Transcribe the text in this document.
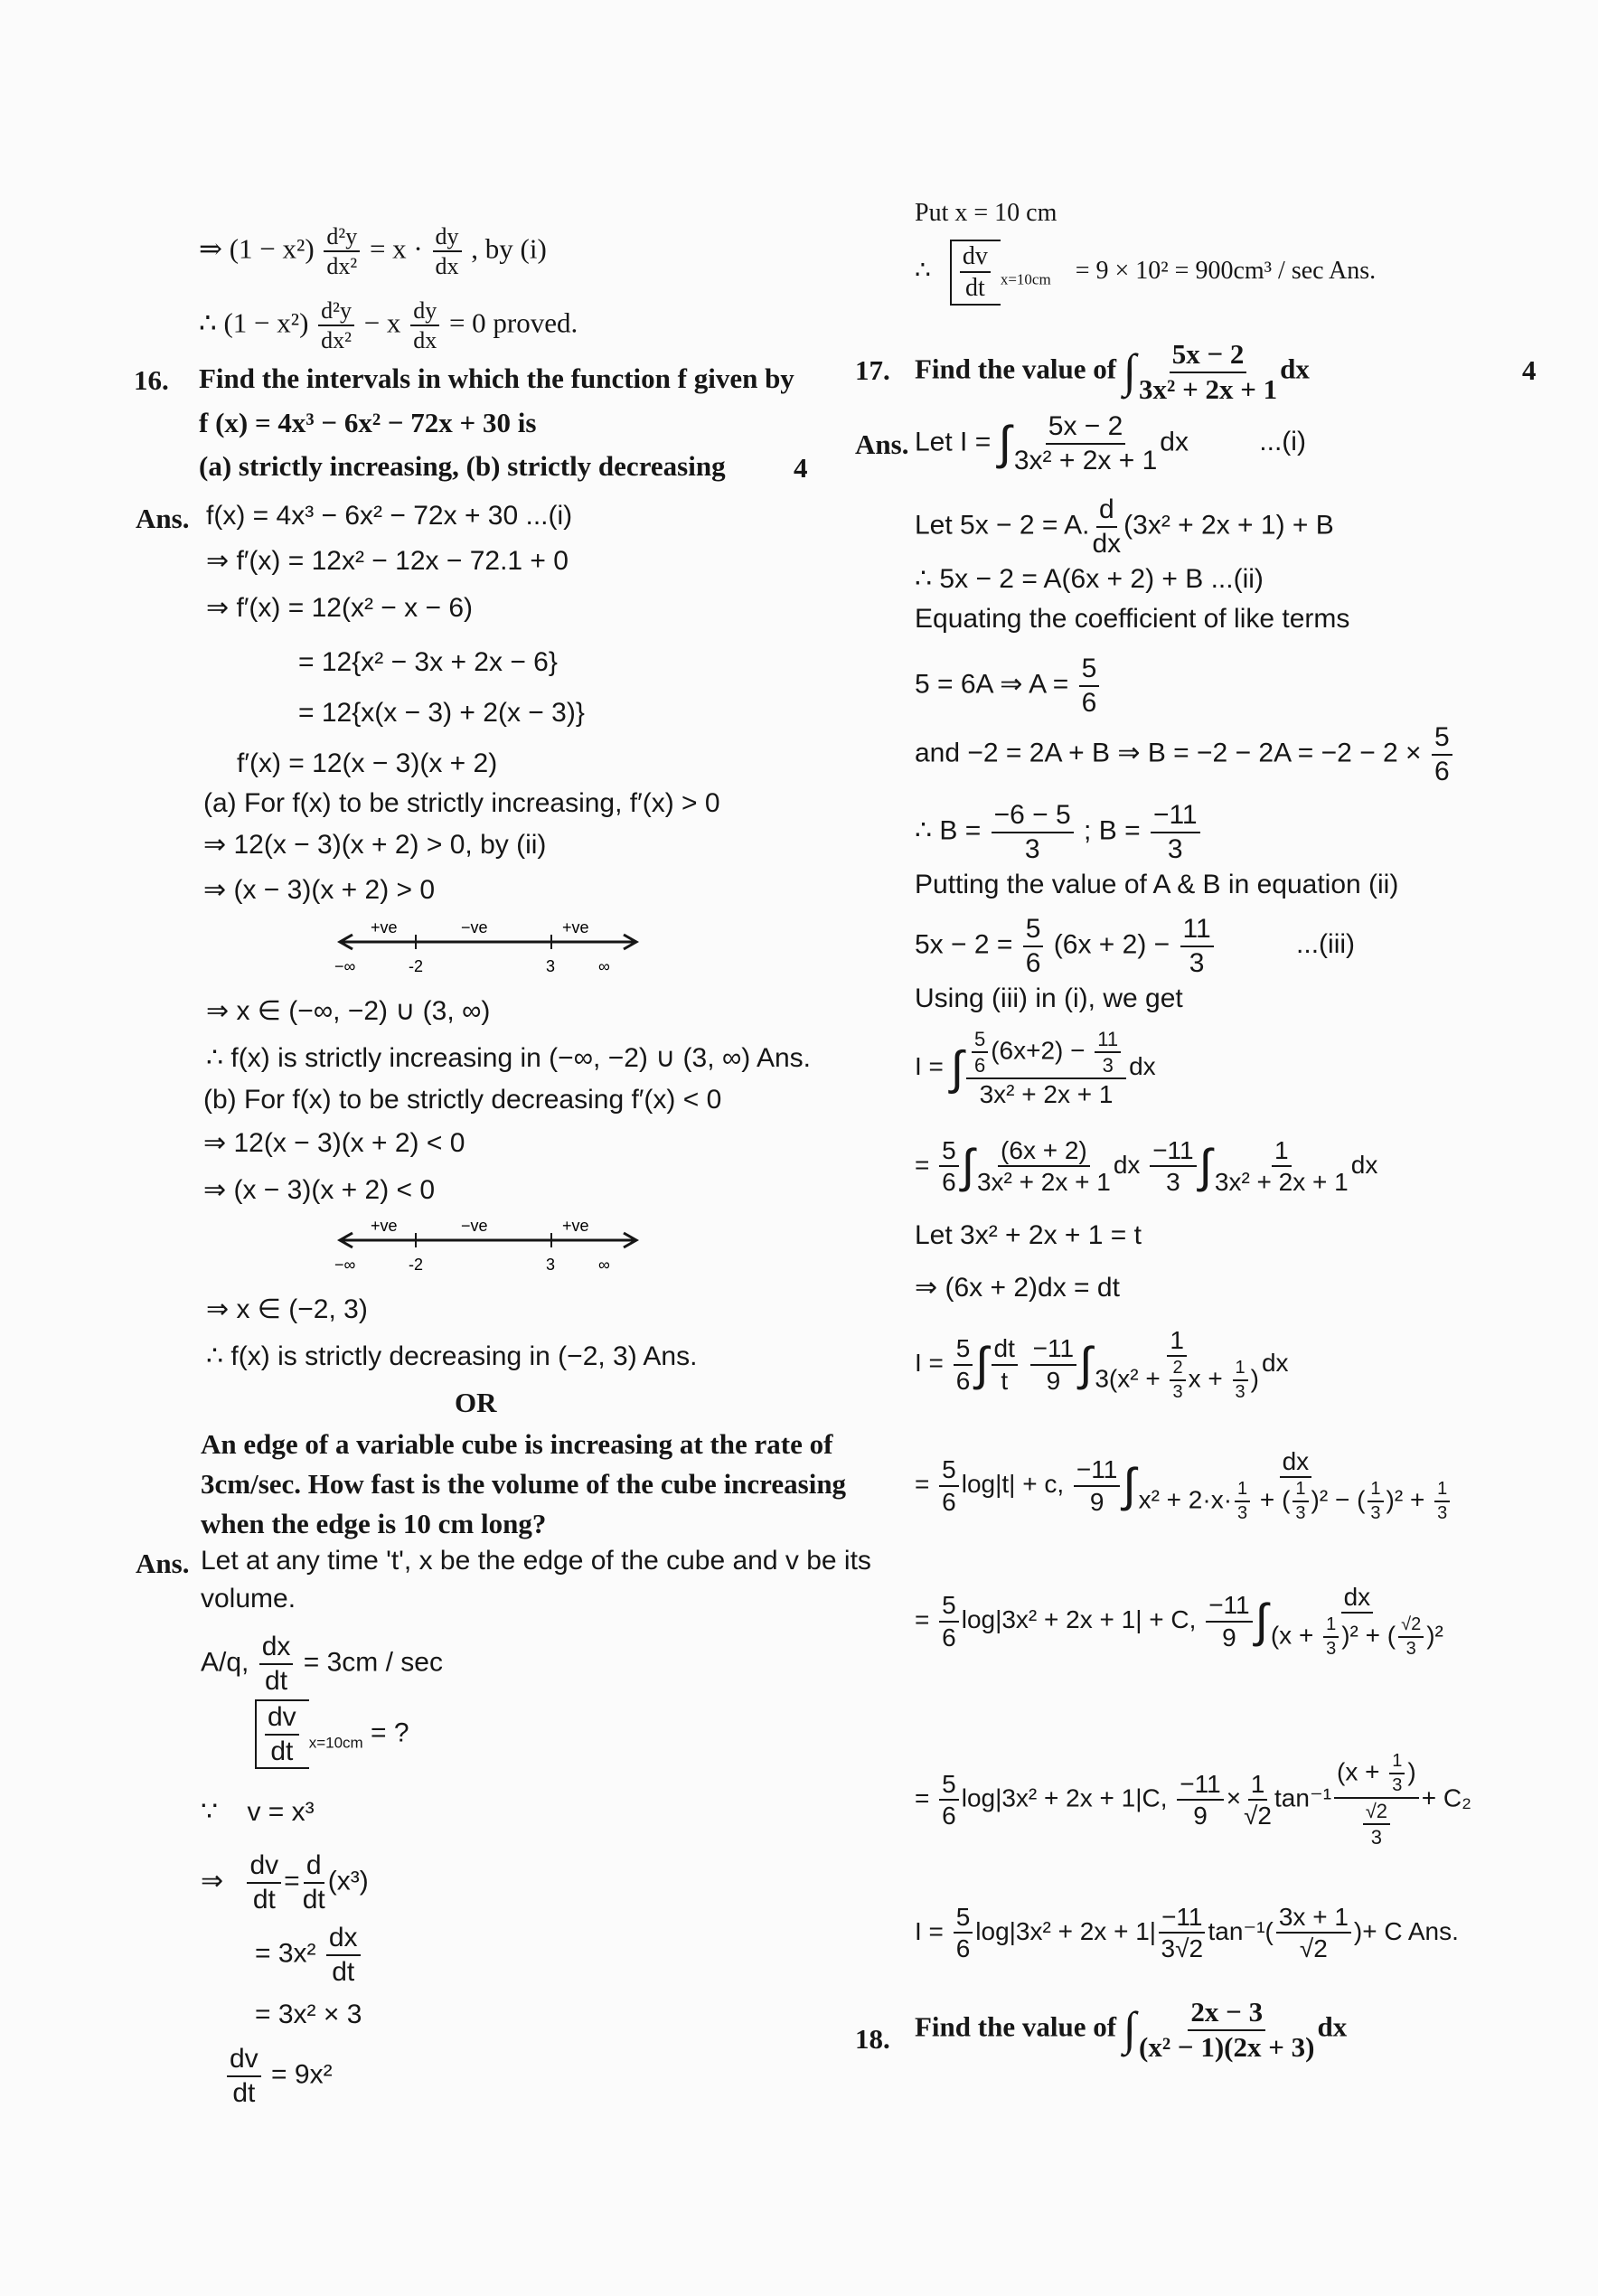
⇒ $(1 - x^2) \frac{\text{d²y}}{\text{dx²}} = x \cdot \frac{dy}{dx}$ , by (i)
∴ $(1 - x^2) \frac{\text{d²y}}{\text{dx²}} - x \frac{dy}{dx} = 0$ proved.
16. Find the intervals in which the function f given by
f (x) = 4x³ − 6x² − 72x + 30 is
(a) strictly increasing, (b) strictly decreasing 4
Ans. f(x) = 4x³ − 6x² − 72x + 30 ...(i)
⇒ f′(x) = 12x² − 12x − 72.1 + 0
⇒ f′(x) = 12(x² − x − 6)
= 12{x² − 3x + 2x − 6}
= 12{x(x − 3) + 2(x − 3)}
f′(x) = 12(x − 3)(x + 2)
(a) For f(x) to be strictly increasing, f′(x) > 0
⇒ 12(x − 3)(x + 2) > 0, by (ii)
⇒ (x − 3)(x + 2) > 0
+ve	−ve	+ve
−∞	-2	3	∞
⇒ x ∈ (−∞, −2) ∪ (3, ∞)
∴ f(x) is strictly increasing in (−∞, −2) ∪ (3, ∞) Ans.
(b) For f(x) to be strictly decreasing f′(x) < 0
⇒ 12(x − 3)(x + 2) < 0
⇒ (x − 3)(x + 2) < 0
+ve	−ve	+ve
−∞	-2	3	∞
⇒ x ∈ (−2, 3)
∴ f(x) is strictly decreasing in (−2, 3) Ans.
OR
An edge of a variable cube is increasing at the rate of
3cm/sec. How fast is the volume of the cube increasing
when the edge is 10 cm long?
Ans. Let at any time 't', x be the edge of the cube and v be its
volume.
A/q, $\frac{dx}{dt} = 3cm / \sec$
$\frac{dv}{dt} _{x=10cm}$ = ?
∵ v = x³
⇒ $\frac{dv}{dt} = \frac{d}{dt} (x^3)$
= $3x^2 \frac{dx}{dt}$
= 3x² × 3
$\frac{dv}{dt} = 9x^2$
Put x = 10 cm
∴ $\frac{dv}{dt} _{x=10cm} = 9 \times 10^2 = 900cm^3 / \sec$ Ans.
17. Find the value of ∫ $\frac{5x - 2}{\text{3x² + 2x + 1}}$ dx	4
Ans. Let I = ∫ $\frac{5x - 2}{\text{3x² + 2x + 1}}$ dx ...(i)
Let 5x − 2 = A. $\frac{d}{dx} (3x^2 + 2x + 1) + B$
∴ 5x − 2 = A(6x + 2) + B ...(ii)
Equating the coefficient of like terms
5 = 6A ⇒ $A = \frac{5}{6}$
and −2 = 2A + B ⇒ $B = -2 - 2A = -2 - 2 \times \frac{5}{6}$
∴ $B = \frac{-6 - 5}{3}$ ; $B = \frac{-11}{3}$
Putting the value of A & B in equation (ii)
$5x - 2 = \frac{5}{6} (6x + 2) - \frac{11}{3}$	...(iii)
Using (iii) in (i), we get
I = ∫ $\frac{\frac{5}{6} (6x+2) - \frac{11}{3}}{\text{3x² + 2x + 1}}$ dx
= $\frac{5}{6}$ ∫ $\frac{(6x + 2)}{\text{3x² + 2x + 1}}$ dx $\frac{-11}{3}$ ∫ $\frac{1}{\text{3x² + 2x + 1}}$ dx
Let 3x² + 2x + 1 = t
⇒ (6x + 2)dx = dt
$I = \frac{5}{6}$ ∫ $\frac{dt}{t}$
$\frac{-11}{9}$ ∫ $\frac{1}{3(x^2 + \frac{2}{3} x + \frac{1}{3} )}$ dx
= $\frac{5}{6} \log|t| + c$, $\frac{-11}{9}$ ∫ $\frac{dx}{x^2 + 2\cdot x\cdot \frac{1}{3} + ( \frac{1}{3} )^2 - ( \frac{1}{3} )^2 + \frac{1}{3}}$
= $\frac{5}{6} \log|3x^2 + 2x + 1| + C$, $\frac{-11}{9}$ ∫ $\frac{dx}{(x + \frac{1}{3} )^2 + ( \frac{√2}{3} )^2}$
= $\frac{5}{6} \log|3x^2 + 2x + 1|C$, $\frac{-11}{9} \times \frac{1}{√2} \tan^{-1} \frac{(x + \frac{1}{3} )}{\frac{√2}{3}} + C_2$
$I = \frac{5}{6} \log|3x^2 + 2x + 1| \frac{-11}{3√2} \tan^{-1}( \frac{3x + 1}{√2}$ )+ C Ans.
18. Find the value of ∫ $\frac{2x - 3}{\text{(x² − 1)(2x + 3)}}$ dx
